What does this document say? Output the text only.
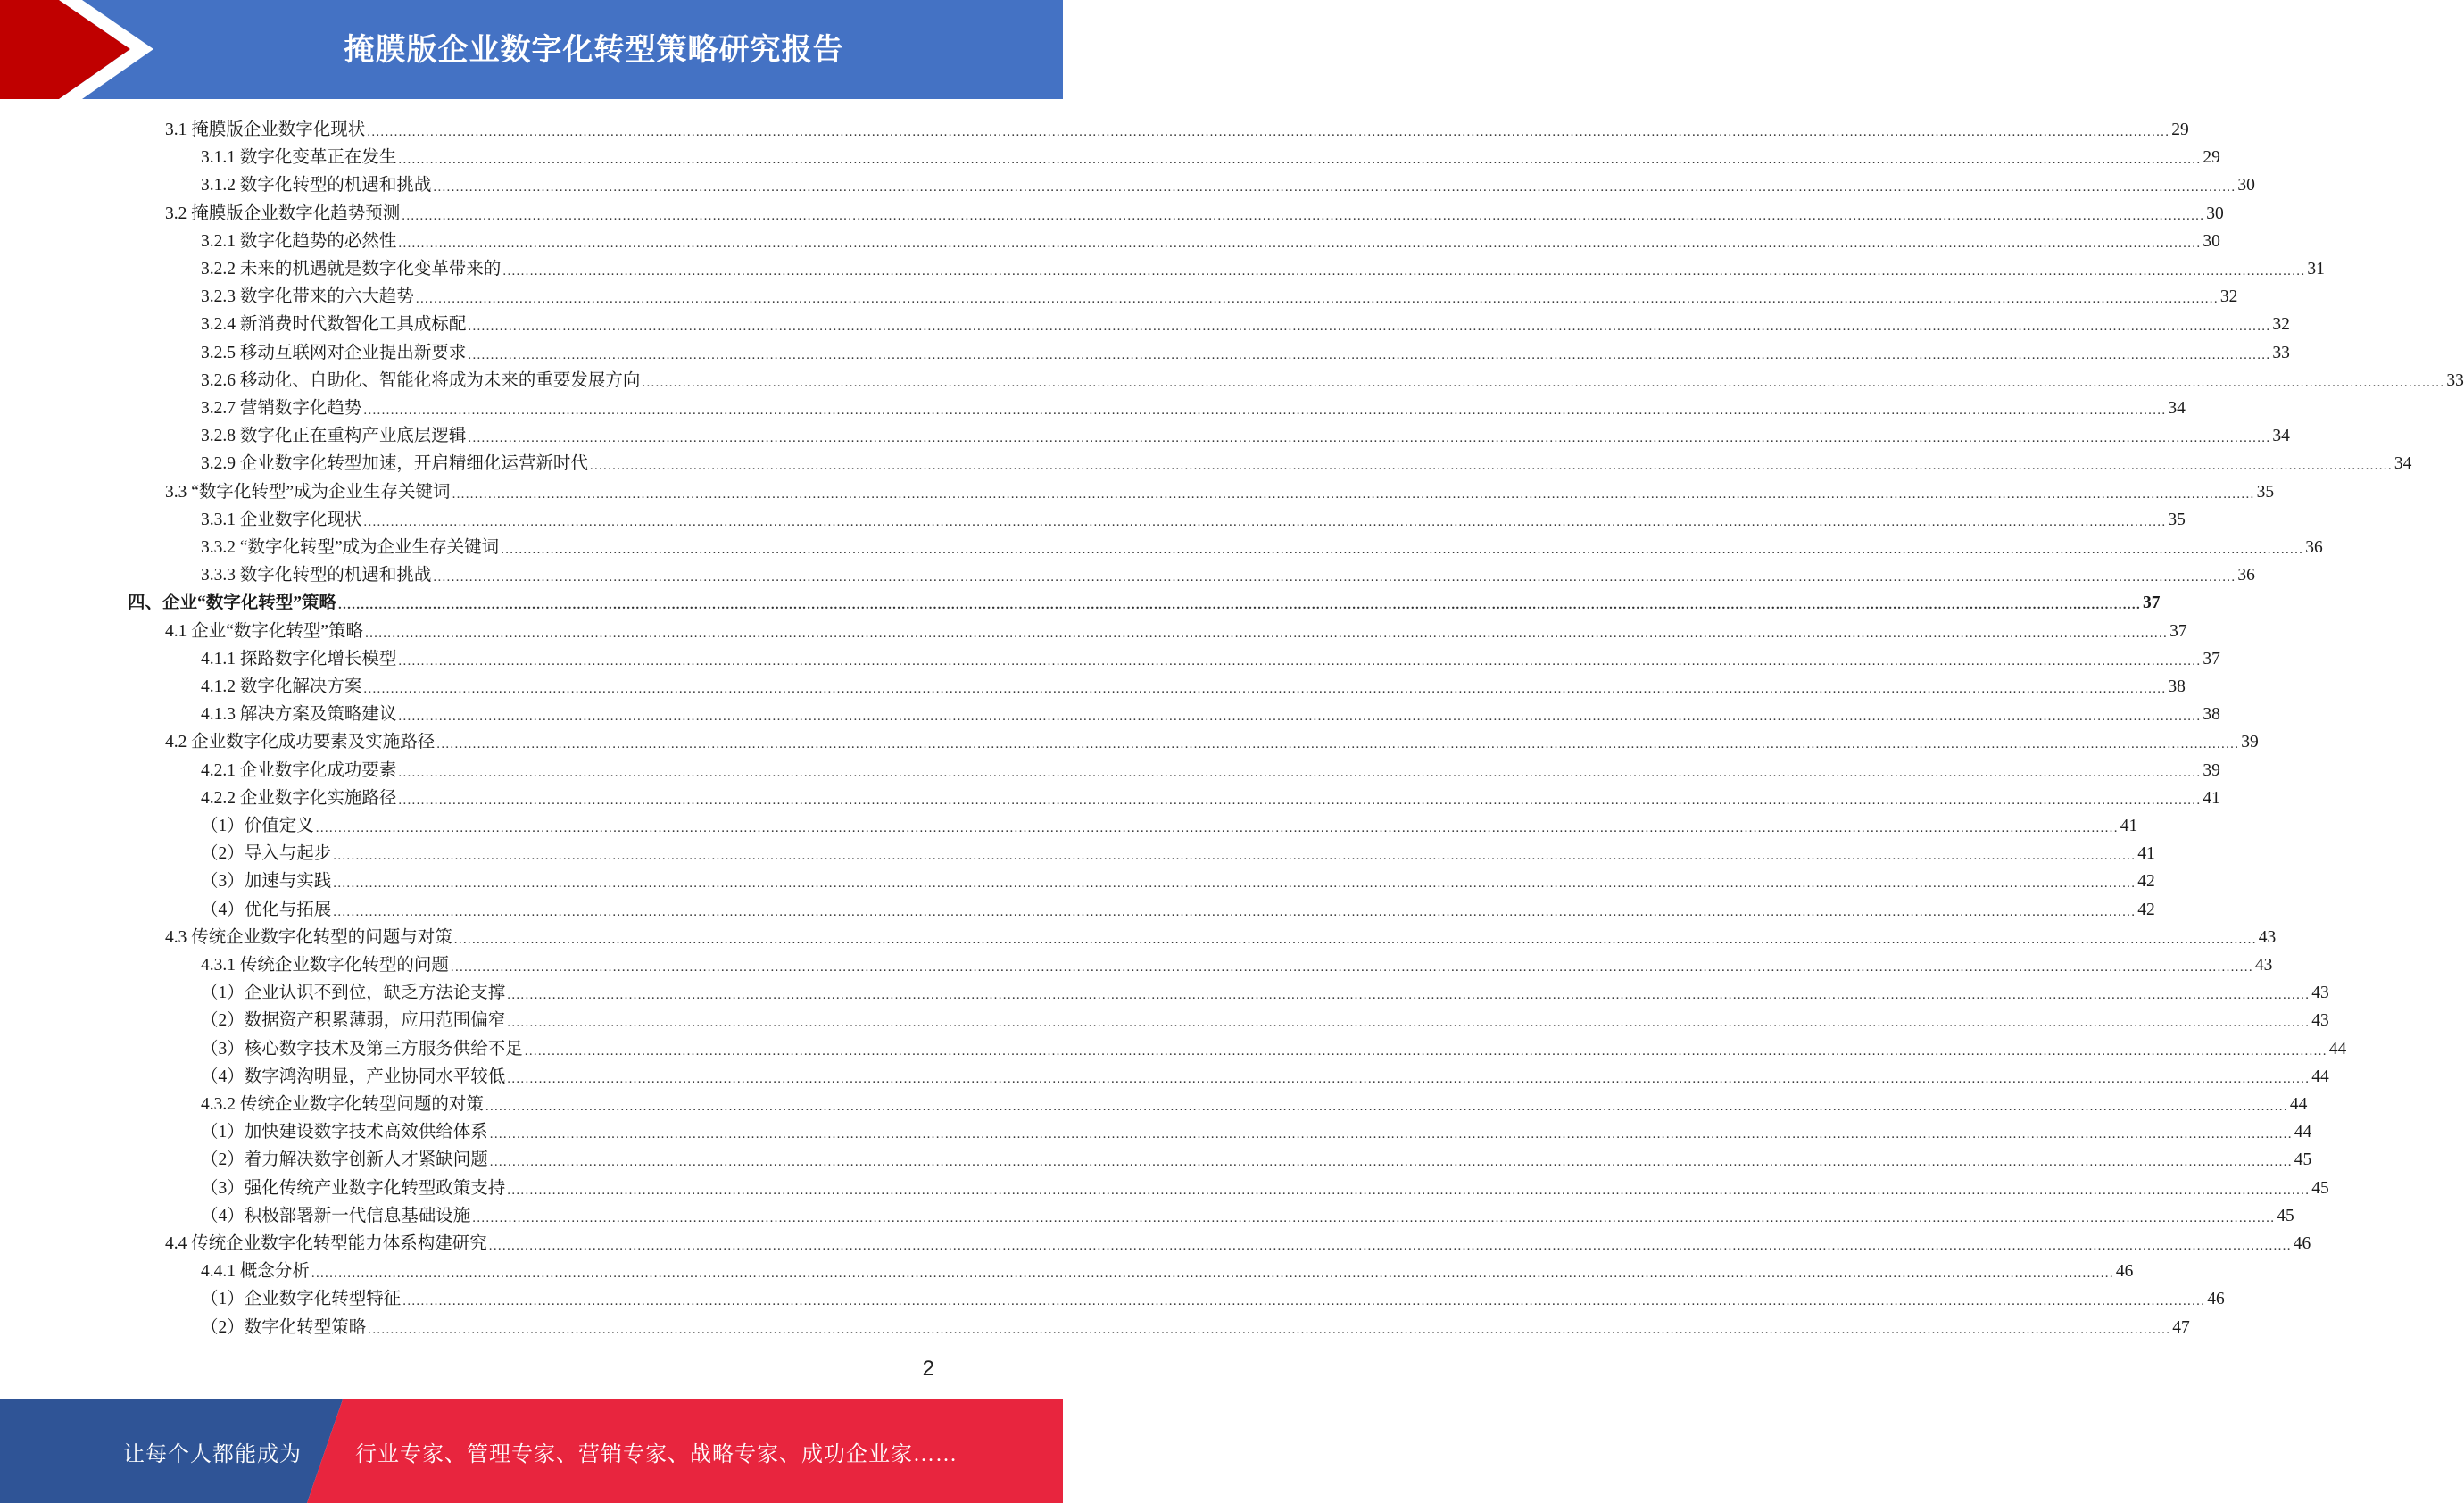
掩膜版企业数字化转型策略研究报告
3.1 掩膜版企业数字化现状 ................................................................................................................................................................................................................................................................................................................................................................................................................ 29
3.1.1 数字化变革正在发生 ................................................................................................................................................................................................................................................................................................................................................................................................................ 29
3.1.2 数字化转型的机遇和挑战 ................................................................................................................................................................................................................................................................................................................................................................................................................ 30
3.2 掩膜版企业数字化趋势预测 ................................................................................................................................................................................................................................................................................................................................................................................................................ 30
3.2.1 数字化趋势的必然性 ................................................................................................................................................................................................................................................................................................................................................................................................................ 30
3.2.2 未来的机遇就是数字化变革带来的 ................................................................................................................................................................................................................................................................................................................................................................................................................ 31
3.2.3 数字化带来的六大趋势 ................................................................................................................................................................................................................................................................................................................................................................................................................ 32
3.2.4 新消费时代数智化工具成标配 ................................................................................................................................................................................................................................................................................................................................................................................................................ 32
3.2.5 移动互联网对企业提出新要求 ................................................................................................................................................................................................................................................................................................................................................................................................................ 33
3.2.6 移动化、自助化、智能化将成为未来的重要发展方向 ................................................................................................................................................................................................................................................................................................................................................................................................................ 33
3.2.7 营销数字化趋势 ................................................................................................................................................................................................................................................................................................................................................................................................................ 34
3.2.8 数字化正在重构产业底层逻辑 ................................................................................................................................................................................................................................................................................................................................................................................................................ 34
3.2.9 企业数字化转型加速，开启精细化运营新时代 ................................................................................................................................................................................................................................................................................................................................................................................................................ 34
3.3 “数字化转型”成为企业生存关键词 ................................................................................................................................................................................................................................................................................................................................................................................................................ 35
3.3.1 企业数字化现状 ................................................................................................................................................................................................................................................................................................................................................................................................................ 35
3.3.2 “数字化转型”成为企业生存关键词 ................................................................................................................................................................................................................................................................................................................................................................................................................ 36
3.3.3 数字化转型的机遇和挑战 ................................................................................................................................................................................................................................................................................................................................................................................................................ 36
四、企业“数字化转型”策略 ................................................................................................................................................................................................................................................................................................................................................................................................................ 37
4.1 企业“数字化转型”策略 ................................................................................................................................................................................................................................................................................................................................................................................................................ 37
4.1.1 探路数字化增长模型 ................................................................................................................................................................................................................................................................................................................................................................................................................ 37
4.1.2 数字化解决方案 ................................................................................................................................................................................................................................................................................................................................................................................................................ 38
4.1.3 解决方案及策略建议 ................................................................................................................................................................................................................................................................................................................................................................................................................ 38
4.2 企业数字化成功要素及实施路径 ................................................................................................................................................................................................................................................................................................................................................................................................................ 39
4.2.1 企业数字化成功要素 ................................................................................................................................................................................................................................................................................................................................................................................................................ 39
4.2.2 企业数字化实施路径 ................................................................................................................................................................................................................................................................................................................................................................................................................ 41
（1）价值定义 ................................................................................................................................................................................................................................................................................................................................................................................................................ 41
（2）导入与起步 ................................................................................................................................................................................................................................................................................................................................................................................................................ 41
（3）加速与实践 ................................................................................................................................................................................................................................................................................................................................................................................................................ 42
（4）优化与拓展 ................................................................................................................................................................................................................................................................................................................................................................................................................ 42
4.3 传统企业数字化转型的问题与对策 ................................................................................................................................................................................................................................................................................................................................................................................................................ 43
4.3.1 传统企业数字化转型的问题 ................................................................................................................................................................................................................................................................................................................................................................................................................ 43
（1）企业认识不到位，缺乏方法论支撑 ................................................................................................................................................................................................................................................................................................................................................................................................................ 43
（2）数据资产积累薄弱，应用范围偏窄 ................................................................................................................................................................................................................................................................................................................................................................................................................ 43
（3）核心数字技术及第三方服务供给不足 ................................................................................................................................................................................................................................................................................................................................................................................................................ 44
（4）数字鸿沟明显，产业协同水平较低 ................................................................................................................................................................................................................................................................................................................................................................................................................ 44
4.3.2 传统企业数字化转型问题的对策 ................................................................................................................................................................................................................................................................................................................................................................................................................ 44
（1）加快建设数字技术高效供给体系 ................................................................................................................................................................................................................................................................................................................................................................................................................ 44
（2）着力解决数字创新人才紧缺问题 ................................................................................................................................................................................................................................................................................................................................................................................................................ 45
（3）强化传统产业数字化转型政策支持 ................................................................................................................................................................................................................................................................................................................................................................................................................ 45
（4）积极部署新一代信息基础设施 ................................................................................................................................................................................................................................................................................................................................................................................................................ 45
4.4 传统企业数字化转型能力体系构建研究 ................................................................................................................................................................................................................................................................................................................................................................................................................ 46
4.4.1 概念分析 ................................................................................................................................................................................................................................................................................................................................................................................................................ 46
（1）企业数字化转型特征 ................................................................................................................................................................................................................................................................................................................................................................................................................ 46
（2）数字化转型策略 ................................................................................................................................................................................................................................................................................................................................................................................................................ 47
2
让每个人都能成为	行业专家、管理专家、营销专家、战略专家、成功企业家……
